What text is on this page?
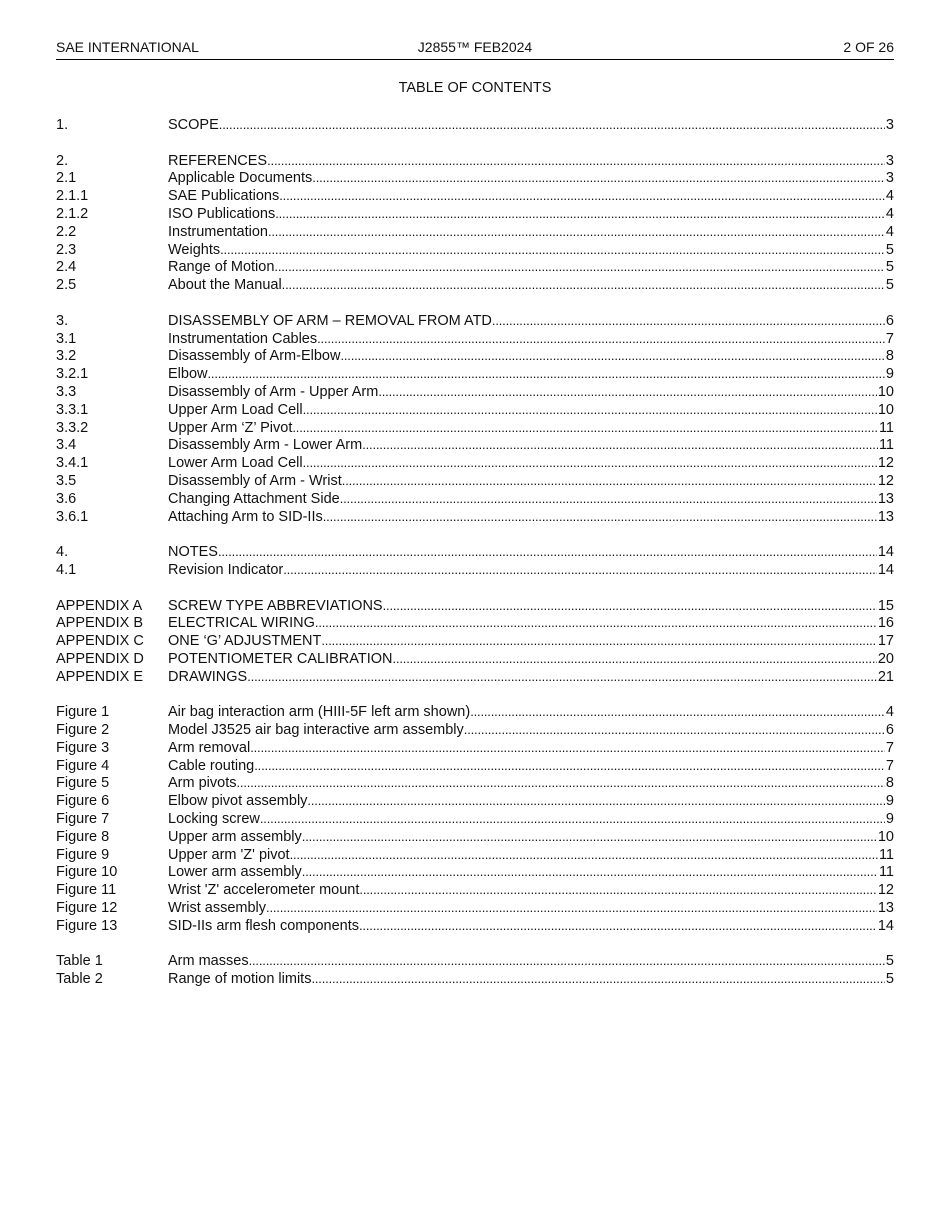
SAE INTERNATIONAL	J2855™ FEB2024	2 OF 26
TABLE OF CONTENTS
1.	SCOPE . . .	3
2.	REFERENCES . . .	3
2.1	Applicable Documents . . .	3
2.1.1	SAE Publications . . .	4
2.1.2	ISO Publications . . .	4
2.2	Instrumentation . . .	4
2.3	Weights . . .	5
2.4	Range of Motion . . .	5
2.5	About the Manual . . .	5
3.	DISASSEMBLY OF ARM – REMOVAL FROM ATD . . .	6
3.1	Instrumentation Cables . . .	7
3.2	Disassembly of Arm-Elbow . . .	8
3.2.1	Elbow . . .	9
3.3	Disassembly of Arm - Upper Arm . . .	10
3.3.1	Upper Arm Load Cell . . .	10
3.3.2	Upper Arm ‘Z’ Pivot . . .	11
3.4	Disassembly Arm - Lower Arm . . .	11
3.4.1	Lower Arm Load Cell . . .	12
3.5	Disassembly of Arm - Wrist . . .	12
3.6	Changing Attachment Side . . .	13
3.6.1	Attaching Arm to SID-IIs . . .	13
4.	NOTES . . .	14
4.1	Revision Indicator . . .	14
APPENDIX A	SCREW TYPE ABBREVIATIONS . . .	15
APPENDIX B	ELECTRICAL WIRING . . .	16
APPENDIX C	ONE ‘G’ ADJUSTMENT . . .	17
APPENDIX D	POTENTIOMETER CALIBRATION . . .	20
APPENDIX E	DRAWINGS . . .	21
Figure 1	Air bag interaction arm (HIII-5F left arm shown) . . .	4
Figure 2	Model J3525 air bag interactive arm assembly . . .	6
Figure 3	Arm removal . . .	7
Figure 4	Cable routing . . .	7
Figure 5	Arm pivots . . .	8
Figure 6	Elbow pivot assembly . . .	9
Figure 7	Locking screw . . .	9
Figure 8	Upper arm assembly . . .	10
Figure 9	Upper arm 'Z' pivot . . .	11
Figure 10	Lower arm assembly . . .	11
Figure 11	Wrist 'Z' accelerometer mount . . .	12
Figure 12	Wrist assembly . . .	13
Figure 13	SID-IIs arm flesh components . . .	14
Table 1	Arm masses . . .	5
Table 2	Range of motion limits . . .	5
